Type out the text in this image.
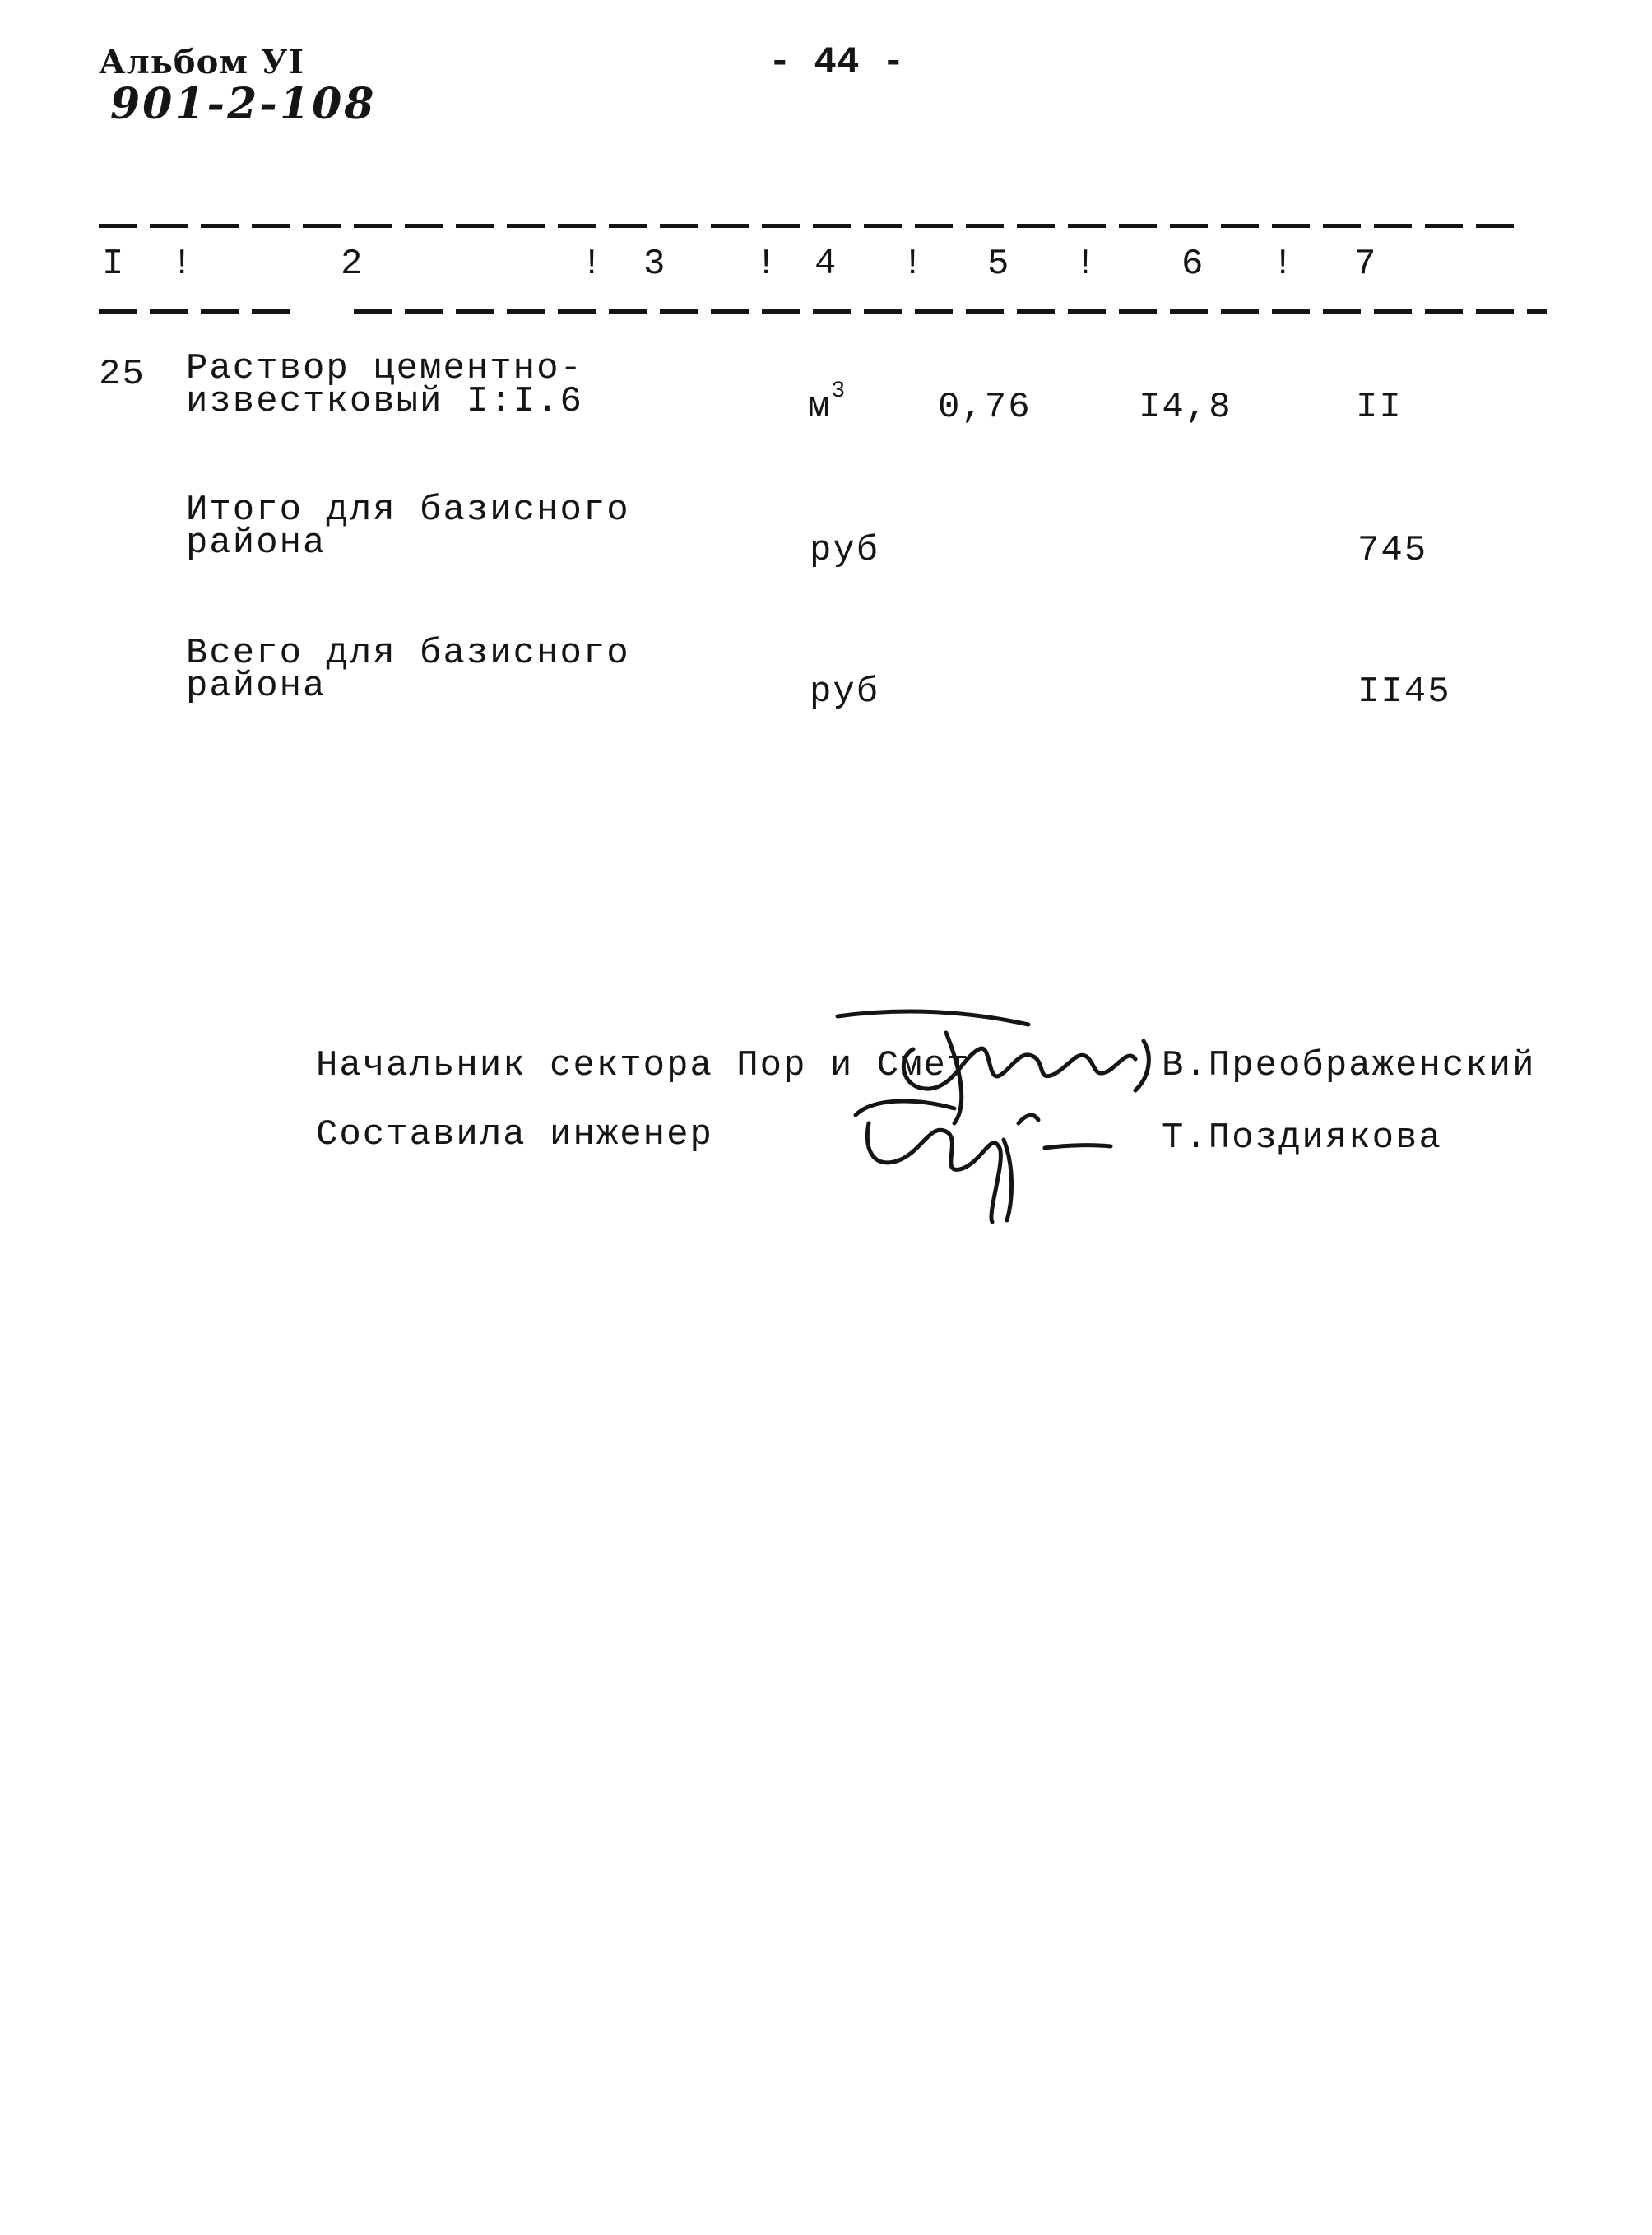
Альбом УI
901-2-108
- 44 -
I !	2	! 3 ! 4 ! 5 ! 6 ! 7
25 Раствор цементно-
известковый I:I.6	$м^3$	0,76	I4,8	II
Итого для базисного
района	руб	745
Всего для базисного
района	руб	II45
Начальник сектора Пор и Смет	В.Преображенский
Составила инженер	Т.Поздиякова
